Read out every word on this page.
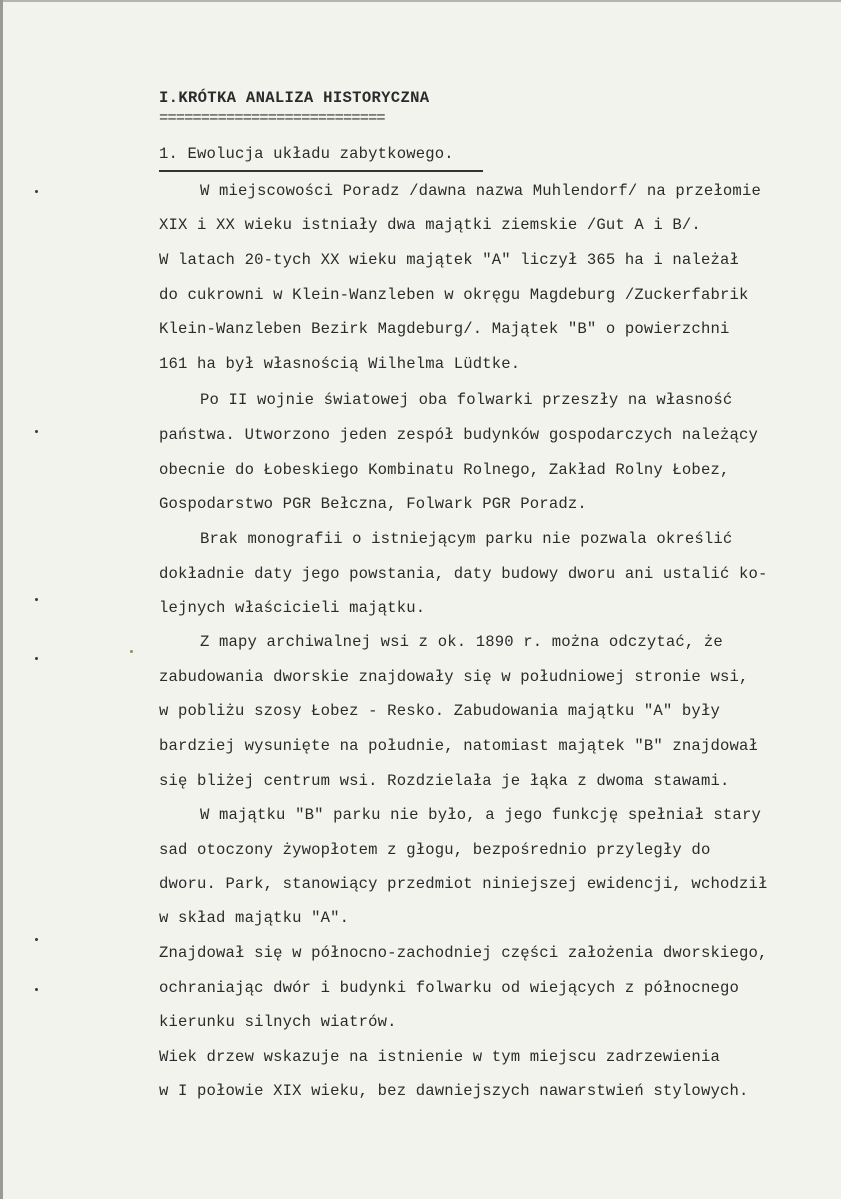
I.KRÓTKA ANALIZA HISTORYCZNA

===========================

1. Ewolucja układu zabytkowego.

W miejscowości Poradz /dawna nazwa Muhlendorf/ na przełomie

XIX i XX wieku istniały dwa majątki ziemskie /Gut A i B/.

W latach 20-tych XX wieku majątek "A" liczył 365 ha i należał

do cukrowni w Klein-Wanzleben w okręgu Magdeburg /Zuckerfabrik

Klein-Wanzleben Bezirk Magdeburg/. Majątek "B" o powierzchni

161 ha był własnością Wilhelma Lüdtke.

Po II wojnie światowej oba folwarki przeszły na własność

państwa. Utworzono jeden zespół budynków gospodarczych należący

obecnie do Łobeskiego Kombinatu Rolnego, Zakład Rolny Łobez,

Gospodarstwo PGR Bełczna, Folwark PGR Poradz.

Brak monografii o istniejącym parku nie pozwala określić

dokładnie daty jego powstania, daty budowy dworu ani ustalić ko-

lejnych właścicieli majątku.

Z mapy archiwalnej wsi z ok. 1890 r. można odczytać, że

zabudowania dworskie znajdowały się w południowej stronie wsi,

w pobliżu szosy Łobez - Resko. Zabudowania majątku "A" były

bardziej wysunięte na południe, natomiast majątek "B" znajdował

się bliżej centrum wsi. Rozdzielała je łąka z dwoma stawami.

W majątku "B" parku nie było, a jego funkcję spełniał stary

sad otoczony żywopłotem z głogu, bezpośrednio przyległy do

dworu. Park, stanowiący przedmiot niniejszej ewidencji, wchodził

w skład majątku "A".

Znajdował się w północno-zachodniej części założenia dworskiego,

ochraniając dwór i budynki folwarku od wiejących z północnego

kierunku silnych wiatrów.

Wiek drzew wskazuje na istnienie w tym miejscu zadrzewienia

w I połowie XIX wieku, bez dawniejszych nawarstwień stylowych.
